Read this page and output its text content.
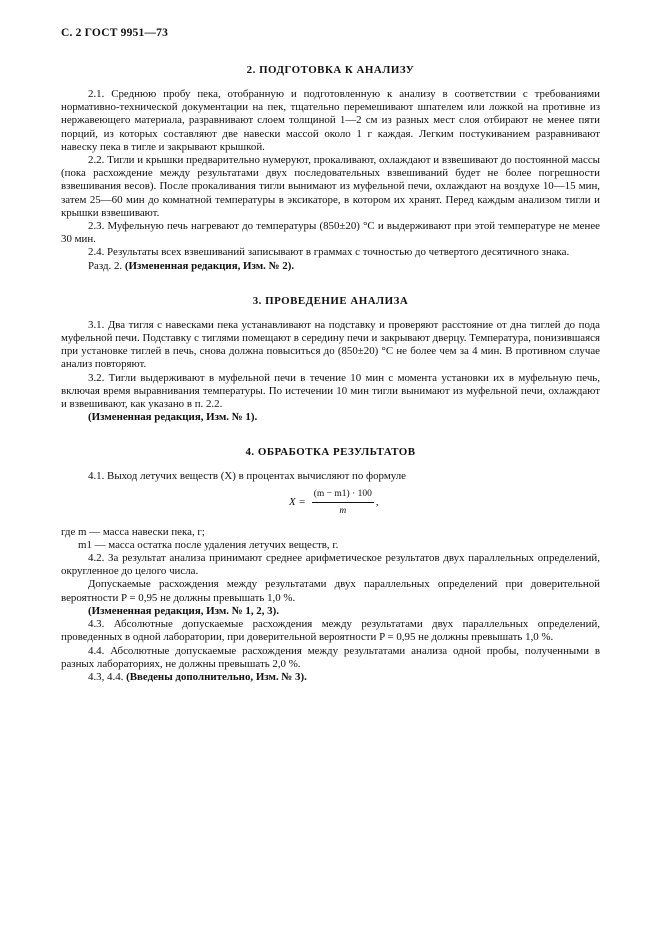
С. 2 ГОСТ 9951—73
2. ПОДГОТОВКА К АНАЛИЗУ

2.1. Среднюю пробу пека, отобранную и подготовленную к анализу в соответствии с требованиями нормативно-технической документации на пек, тщательно перемешивают шпателем или ложкой на противне из нержавеющего материала, разравнивают слоем толщиной 1—2 см из разных мест слоя отбирают не менее пяти порций, из которых составляют две навески массой около 1 г каждая. Легким постукиванием разравнивают навеску пека в тигле и закрывают крышкой.

2.2. Тигли и крышки предварительно нумеруют, прокаливают, охлаждают и взвешивают до постоянной массы (пока расхождение между результатами двух последовательных взвешиваний будет не более погрешности взвешивания весов). После прокаливания тигли вынимают из муфельной печи, охлаждают на воздухе 10—15 мин, затем 25—60 мин до комнатной температуры в эксикаторе, в котором их хранят. Перед каждым анализом тигли и крышки взвешивают.

2.3. Муфельную печь нагревают до температуры (850±20) °С и выдерживают при этой температуре не менее 30 мин.

2.4. Результаты всех взвешиваний записывают в граммах с точностью до четвертого десятичного знака.

Разд. 2. (Измененная редакция, Изм. № 2).

3. ПРОВЕДЕНИЕ АНАЛИЗА

3.1. Два тигля с навесками пека устанавливают на подставку и проверяют расстояние от дна тиглей до пода муфельной печи. Подставку с тиглями помещают в середину печи и закрывают дверцу. Температура, понизившаяся при установке тиглей в печь, снова должна повыситься до (850±20) °С не более чем за 4 мин. В противном случае анализ повторяют.

3.2. Тигли выдерживают в муфельной печи в течение 10 мин с момента установки их в муфельную печь, включая время выравнивания температуры. По истечении 10 мин тигли вынимают из муфельной печи, охлаждают и взвешивают, как указано в п. 2.2.

(Измененная редакция, Изм. № 1).

4. ОБРАБОТКА РЕЗУЛЬТАТОВ

4.1. Выход летучих веществ (X) в процентах вычисляют по формуле

$X = \frac{(m - m1) \cdot 100}{m}$ ,

где m — масса навески пека, г;

m1 — масса остатка после удаления летучих веществ, г.

4.2. За результат анализа принимают среднее арифметическое результатов двух параллельных определений, округленное до целого числа.

Допускаемые расхождения между результатами двух параллельных определений при доверительной вероятности P = 0,95 не должны превышать 1,0 %.

(Измененная редакция, Изм. № 1, 2, 3).

4.3. Абсолютные допускаемые расхождения между результатами двух параллельных определений, проведенных в одной лаборатории, при доверительной вероятности P = 0,95 не должны превышать 1,0 %.

4.4. Абсолютные допускаемые расхождения между результатами анализа одной пробы, полученными в разных лабораториях, не должны превышать 2,0 %.

4.3, 4.4. (Введены дополнительно, Изм. № 3).
